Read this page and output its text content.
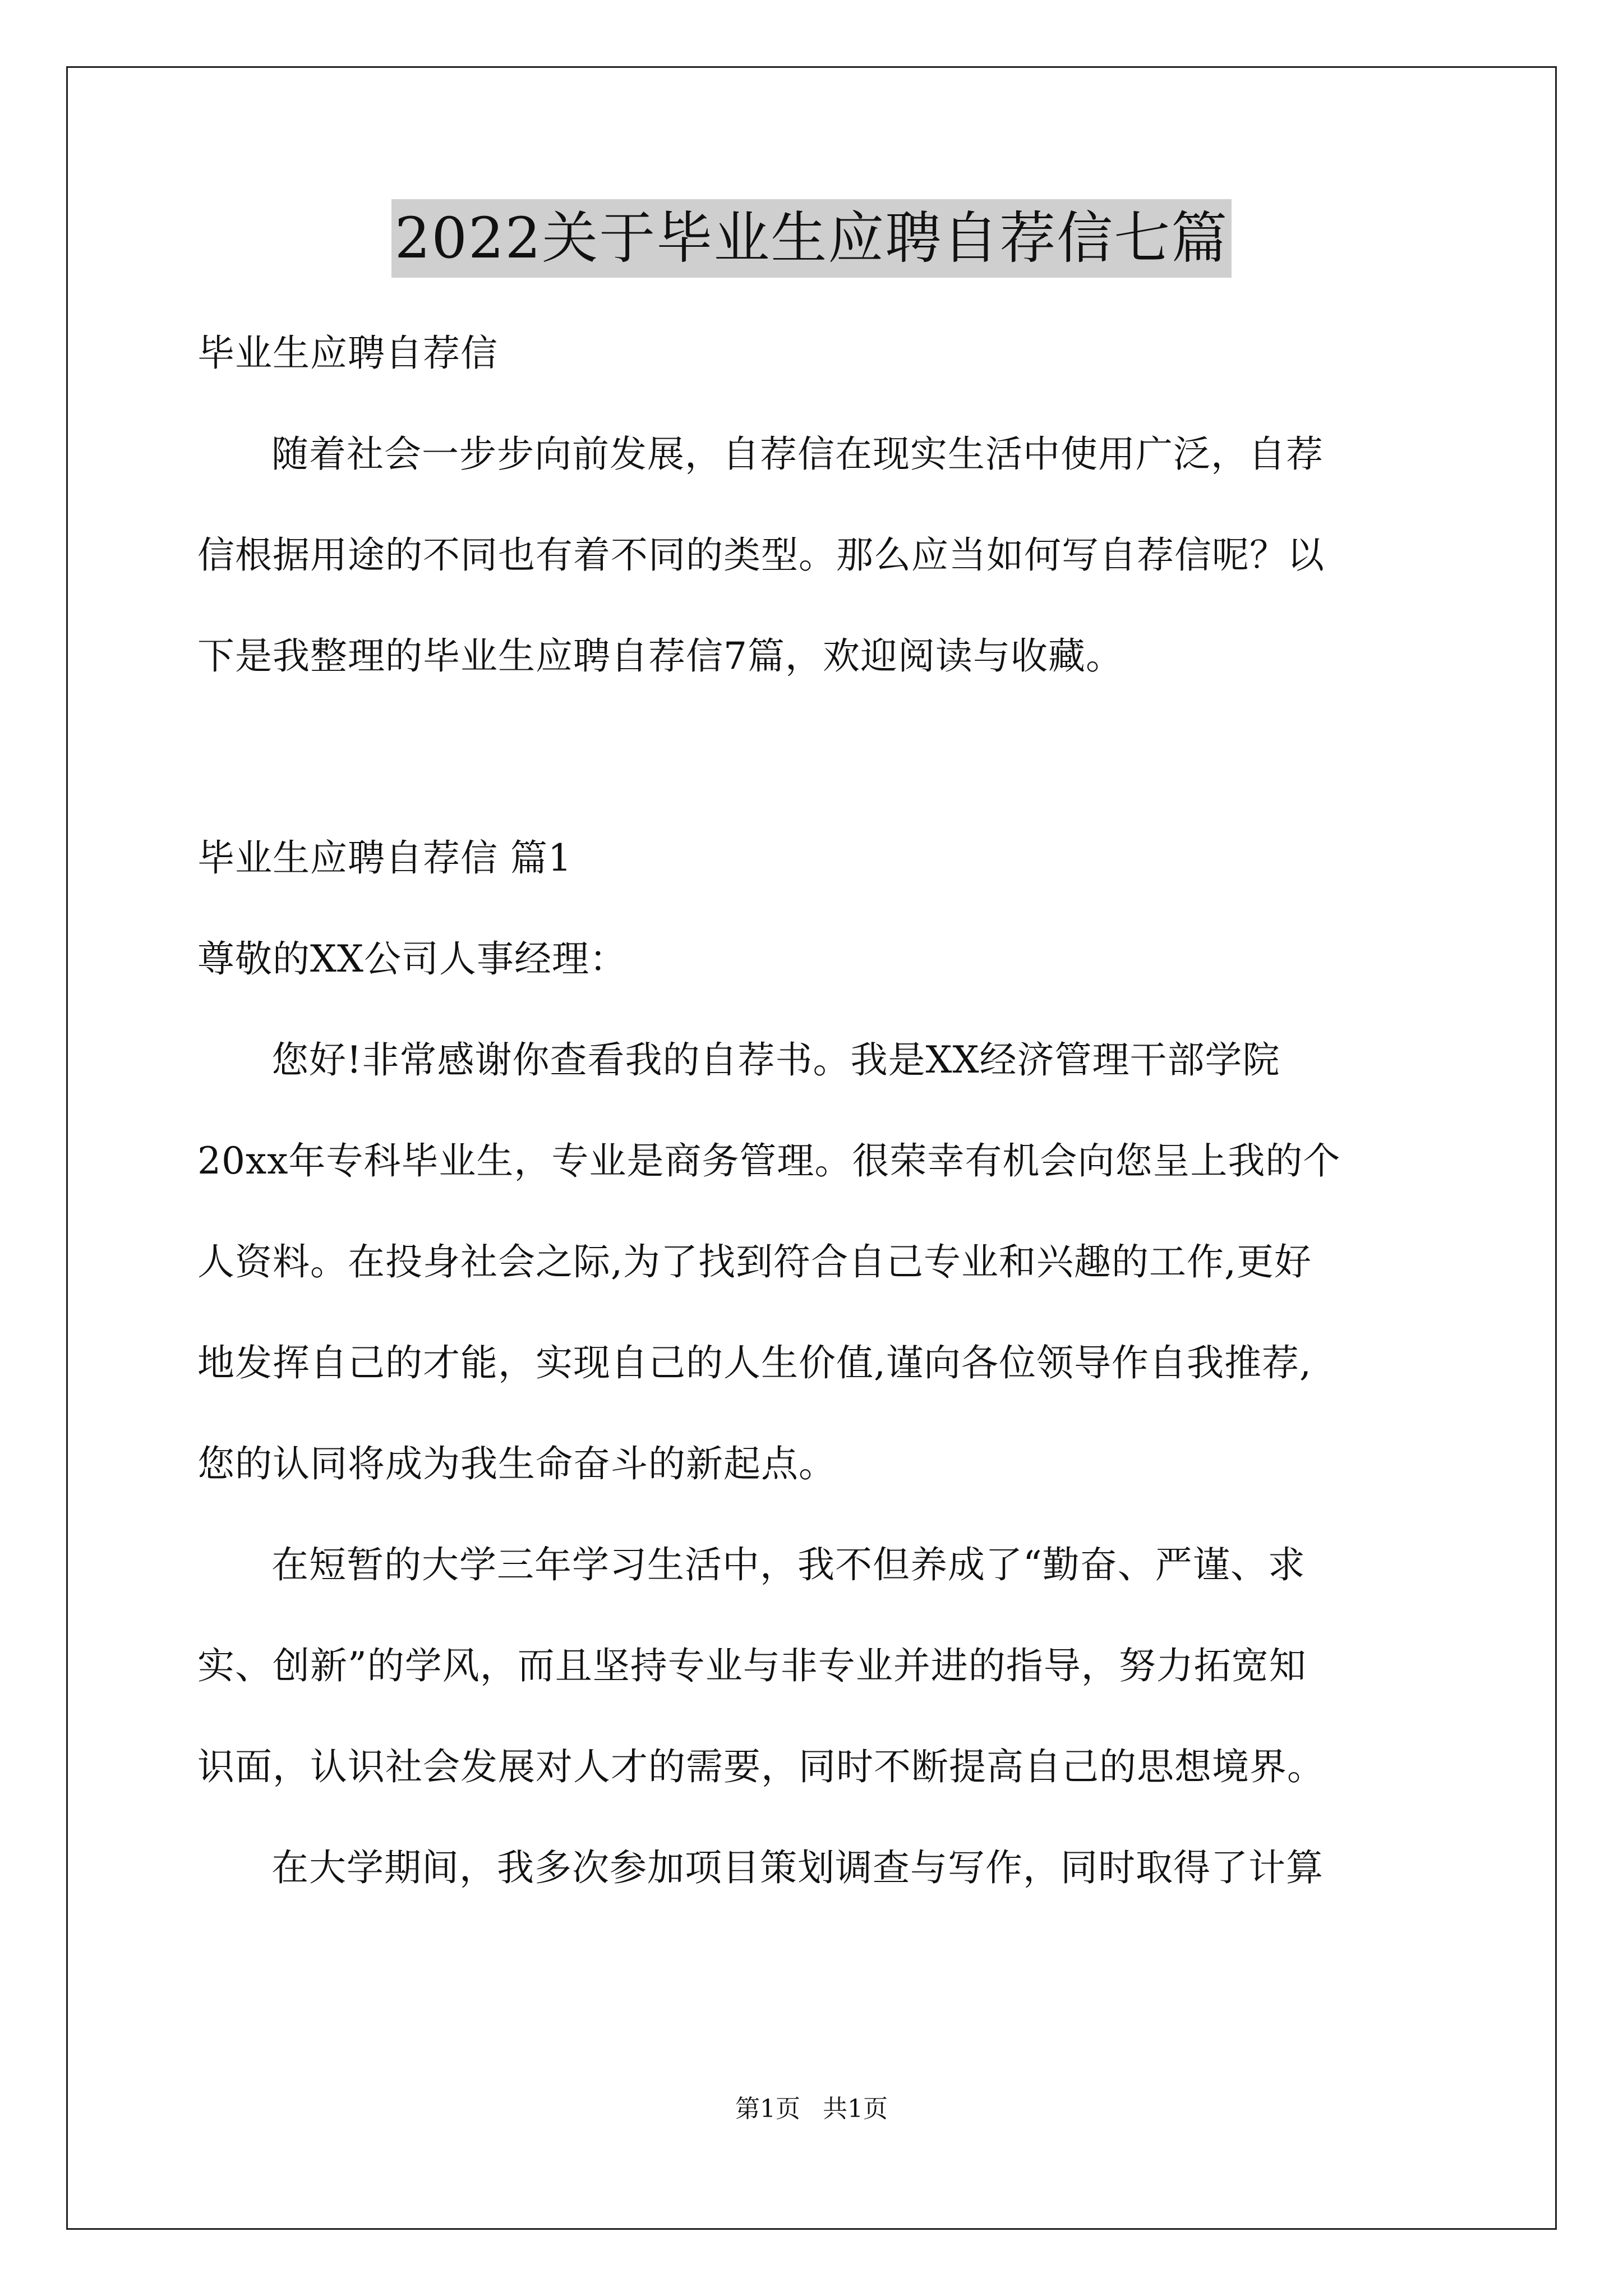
2022关于毕业生应聘自荐信七篇
毕业生应聘自荐信
随着社会一步步向前发展，自荐信在现实生活中使用广泛，自荐
信根据用途的不同也有着不同的类型。那么应当如何写自荐信呢？以
下是我整理的毕业生应聘自荐信7篇，欢迎阅读与收藏。
毕业生应聘自荐信 篇1
尊敬的XX公司人事经理：
您好!非常感谢你查看我的自荐书。我是XX经济管理干部学院
20xx年专科毕业生，专业是商务管理。很荣幸有机会向您呈上我的个
人资料。在投身社会之际,为了找到符合自己专业和兴趣的工作,更好
地发挥自己的才能，实现自己的人生价值,谨向各位领导作自我推荐,
您的认同将成为我生命奋斗的新起点。
在短暂的大学三年学习生活中，我不但养成了“勤奋、严谨、求
实、创新”的学风，而且坚持专业与非专业并进的指导，努力拓宽知
识面，认识社会发展对人才的需要，同时不断提高自己的思想境界。
在大学期间，我多次参加项目策划调查与写作，同时取得了计算
第1页 共1页
